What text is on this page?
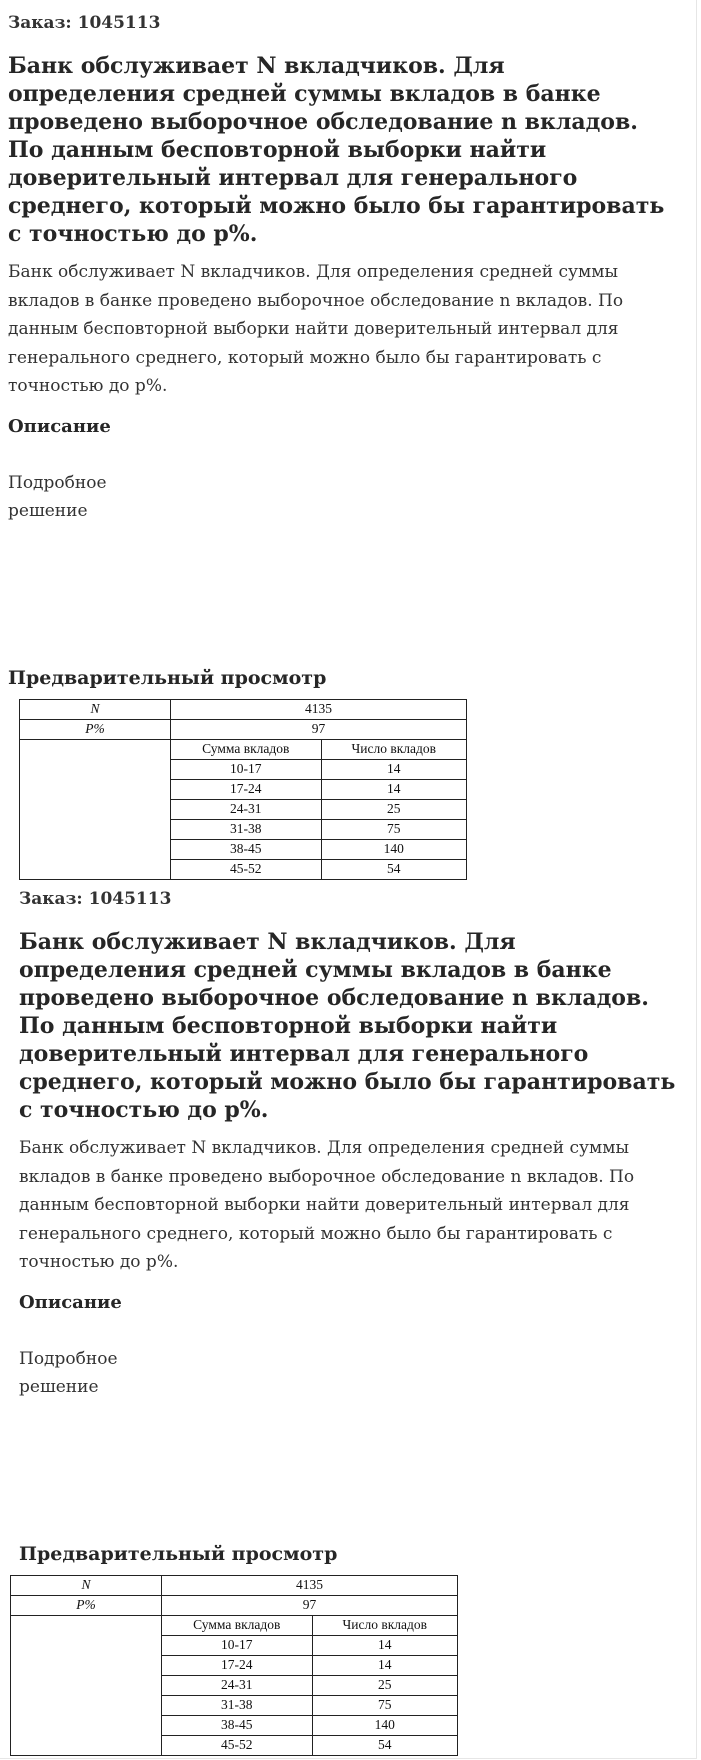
Заказ: 1045113

Банк обслуживает N вкладчиков. Для определения средней суммы вкладов в банке проведено выборочное обследование n вкладов. По данным бесповторной выборки найти доверительный интервал для генерального среднего, который можно было бы гарантировать с точностью до p%.

Банк обслуживает N вкладчиков. Для определения средней суммы вкладов в банке проведено выборочное обследование n вкладов. По данным бесповторной выборки найти доверительный интервал для генерального среднего, который можно было бы гарантировать с точностью до p%.

Описание

Подробное решение

Предварительный просмотр
N	4135	
P%	97	
	Сумма вкладов	Число вкладов
	10-17	14
	17-24	14
	24-31	25
	31-38	75
	38-45	140
	45-52	54

Заказ: 1045113

Банк обслуживает N вкладчиков. Для определения средней суммы вкладов в банке проведено выборочное обследование n вкладов. По данным бесповторной выборки найти доверительный интервал для генерального среднего, который можно было бы гарантировать с точностью до p%.

Банк обслуживает N вкладчиков. Для определения средней суммы вкладов в банке проведено выборочное обследование n вкладов. По данным бесповторной выборки найти доверительный интервал для генерального среднего, который можно было бы гарантировать с точностью до p%.

Описание

Подробное решение

Предварительный просмотр
N	4135	
P%	97	
	Сумма вкладов	Число вкладов
	10-17	14
	17-24	14
	24-31	25
	31-38	75
	38-45	140
	45-52	54
